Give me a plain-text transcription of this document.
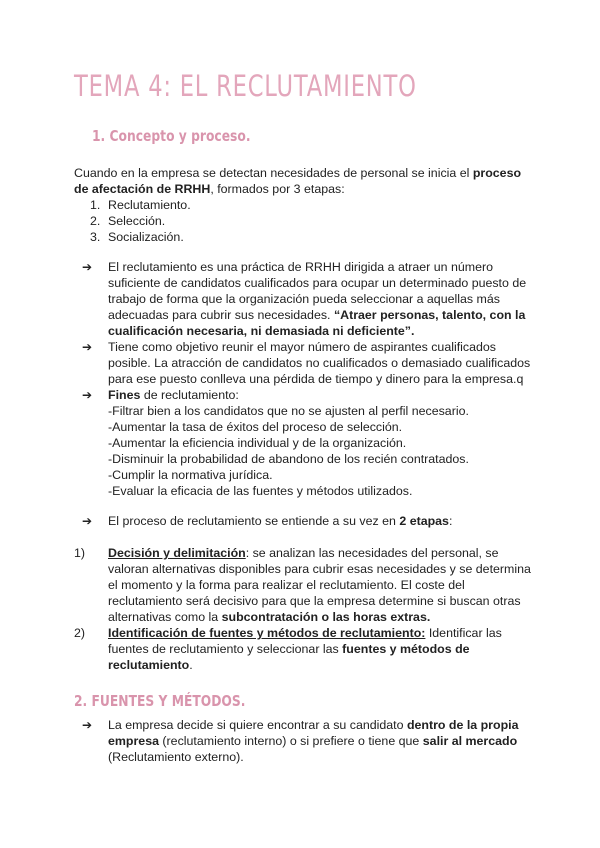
TEMA 4: EL RECLUTAMIENTO
1. Concepto y proceso.

Cuando en la empresa se detectan necesidades de personal se inicia el proceso de afectación de RRHH, formados por 3 etapas:

1. Reclutamiento.
2. Selección.
3. Socialización.
➔ El reclutamiento es una práctica de RRHH dirigida a atraer un número suficiente de candidatos cualificados para ocupar un determinado puesto de trabajo de forma que la organización pueda seleccionar a aquellas más adecuadas para cubrir sus necesidades. “Atraer personas, talento, con la cualificación necesaria, ni demasiada ni deficiente”.
➔ Tiene como objetivo reunir el mayor número de aspirantes cualificados posible. La atracción de candidatos no cualificados o demasiado cualificados para ese puesto conlleva una pérdida de tiempo y dinero para la empresa.q
➔ Fines de reclutamiento:
-Filtrar bien a los candidatos que no se ajusten al perfil necesario.
-Aumentar la tasa de éxitos del proceso de selección.
-Aumentar la eficiencia individual y de la organización.
-Disminuir la probabilidad de abandono de los recién contratados.
-Cumplir la normativa jurídica.
-Evaluar la eficacia de las fuentes y métodos utilizados.
➔ El proceso de reclutamiento se entiende a su vez en 2 etapas:
1) Decisión y delimitación: se analizan las necesidades del personal, se valoran alternativas disponibles para cubrir esas necesidades y se determina el momento y la forma para realizar el reclutamiento. El coste del reclutamiento será decisivo para que la empresa determine si buscan otras alternativas como la subcontratación o las horas extras.
2) Identificación de fuentes y métodos de reclutamiento: Identificar las fuentes de reclutamiento y seleccionar las fuentes y métodos de reclutamiento.
2. FUENTES Y MÉTODOS.
➔ La empresa decide si quiere encontrar a su candidato dentro de la propia empresa (reclutamiento interno) o si prefiere o tiene que salir al mercado (Reclutamiento externo).
